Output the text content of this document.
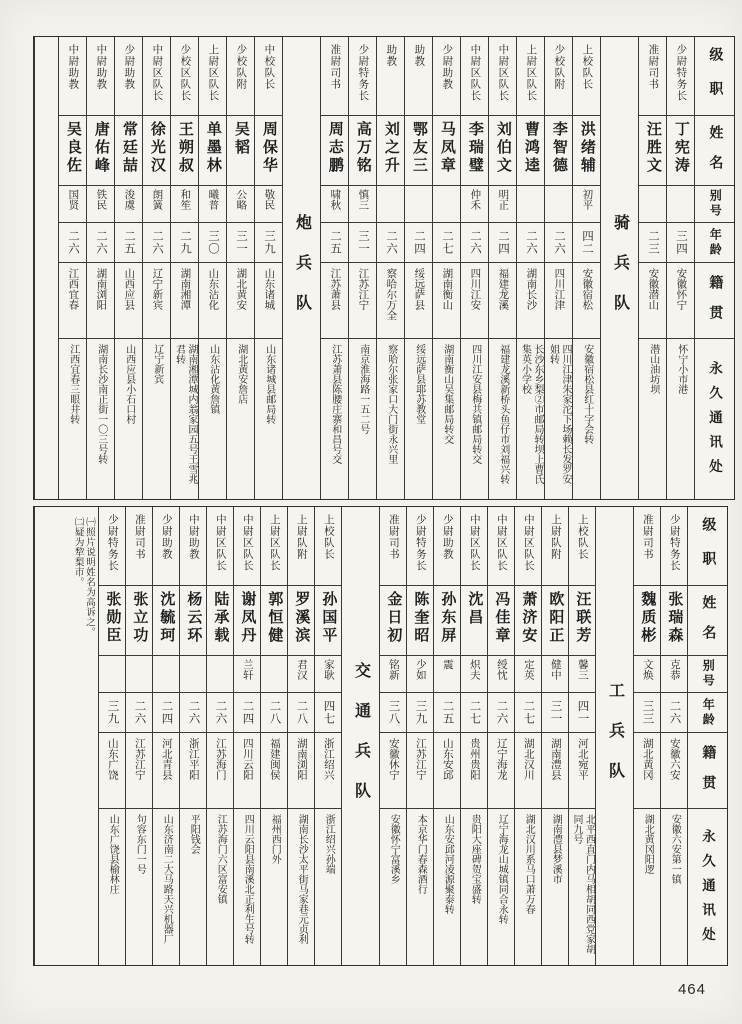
级职
姓名
别号
年龄
籍贯
永久通讯处
少尉特务长
丁宪涛
三四
安徽怀宁
怀宁小市港
准尉司书
汪胜文
二三
安徽潜山
潜山油坊坝
骑兵队
上校队长
洪绪辅
初平
四二
安徽宿松
安徽宿松县红十字会转
少校队附
李智德
二六
四川江津
四川江津朱家沱下场赖长发罗安姐转
上尉区队长
曹鸿逵
二六
湖南长沙
长沙东乡梨②市邮局转坝上曹氏集英小学校
中尉区队长
刘伯文
明正
二四
福建龙溪
福建龙溪新桥头鱼仔市刘福兴转
中尉区队长
李瑞璧
仲禾
二六
四川江安
四川江安县梅共镇邮局转交
少尉助教
马凤章
二七
湖南衡山
湖南衡山吴集邮局转交
助教
鄂友三
二四
绥远萨县
绥远萨县耶苏教堂
助教
刘之升
二六
察哈尔万全
察哈尔张家口大门街永兴里
少尉特务长
高万铭
慎三
三一
江苏江宁
南京淮海路一五二号
准尉司书
周志鹏
啸秋
二五
江苏萧县
江苏萧县陈腰庄寨和昌号交
炮兵队
中校队长
周保华
敬民
三九
山东诸城
山东诸城县邮局转
少校队附
吴韬
公略
三一
湖北黄安
湖北黄安詹店
上尉区队长
单墨林
曦普
三〇
山东沾化
山东沾化黄詹镇
少校区队长
王朔叔
和笙
二九
湖南湘潭
湖南湘潭城内翁家园五号王雪兆君转
中尉区队长
徐光汉
朗簧
二六
辽宁新宾
辽宁新宾
少尉助教
常廷喆
浚虞
二五
山西应县
山西应县小石口村
中尉助教
唐佑峰
铁民
二六
湖南浏阳
湖南长沙南正街一〇三号转
中尉助教
吴良佐
国贤
二六
江西宜春
江西宜春三眼井转
级职
姓名
别号
年龄
籍贯
永久通讯处
少尉特务长
张瑞森
克恭
二六
安徽六安
安徽六安第一镇
准尉司书
魏质彬
文焕
三三
湖北黄冈
湖北黄冈阳逻
工兵队
上校队长
汪联芳
馨三
四一
河北宛平
北平西直门内马相胡同西党家胡同九号
上尉队附
欧阳正
健中
三一
湖南澧县
湖南澧县梦溪市
中尉区队长
萧济安
定英
二七
湖北汉川
湖北汉川系马口萧万春
中尉区队长
冯佳章
绶忱
二六
辽宁海龙
辽宁海龙山城镇同合永转
中尉区队长
沈昌
炽夫
二七
贵州贵阳
贵阳大座碑贺宝盛转
少尉助教
孙东屏
震
二五
山东安邱
山东安邱河凌源聚泰转
少尉特务长
陈奎昭
少如
三九
江苏江宁
本京华门春森酒行
准尉司书
金日初
铭新
三八
安徽休宁
安徽怀宁富溪乡
交通兵队
上校队长
孙国平
家耿
四七
浙江绍兴
浙江绍兴孙端
上尉队附
罗溪滨
君汉
二八
湖南浏阳
湖南长沙太平街马家巷元贞利
上尉区队长
郭恒健
二八
福建闽侯
福州西门外
中尉区队长
谢凤丹
兰轩
二四
四川云阳
四川云阳县南溪北正利生号转
中尉区队长
陆承载
二六
江苏海门
江苏海门六区富安镇
中尉助教
杨云环
二六
浙江平阳
平阳钱会
少尉助教
沈毓珂
二四
河北青县
山东济南二大马路天兴机器厂
准尉司书
张立功
二六
江苏江宁
句容东门一号
少尉特务长
张勋臣
三九
山东广饶
山东广饶县榆林庄
㈠照片说明姓名为高诉之。
㈡疑为犂梨市。
464
